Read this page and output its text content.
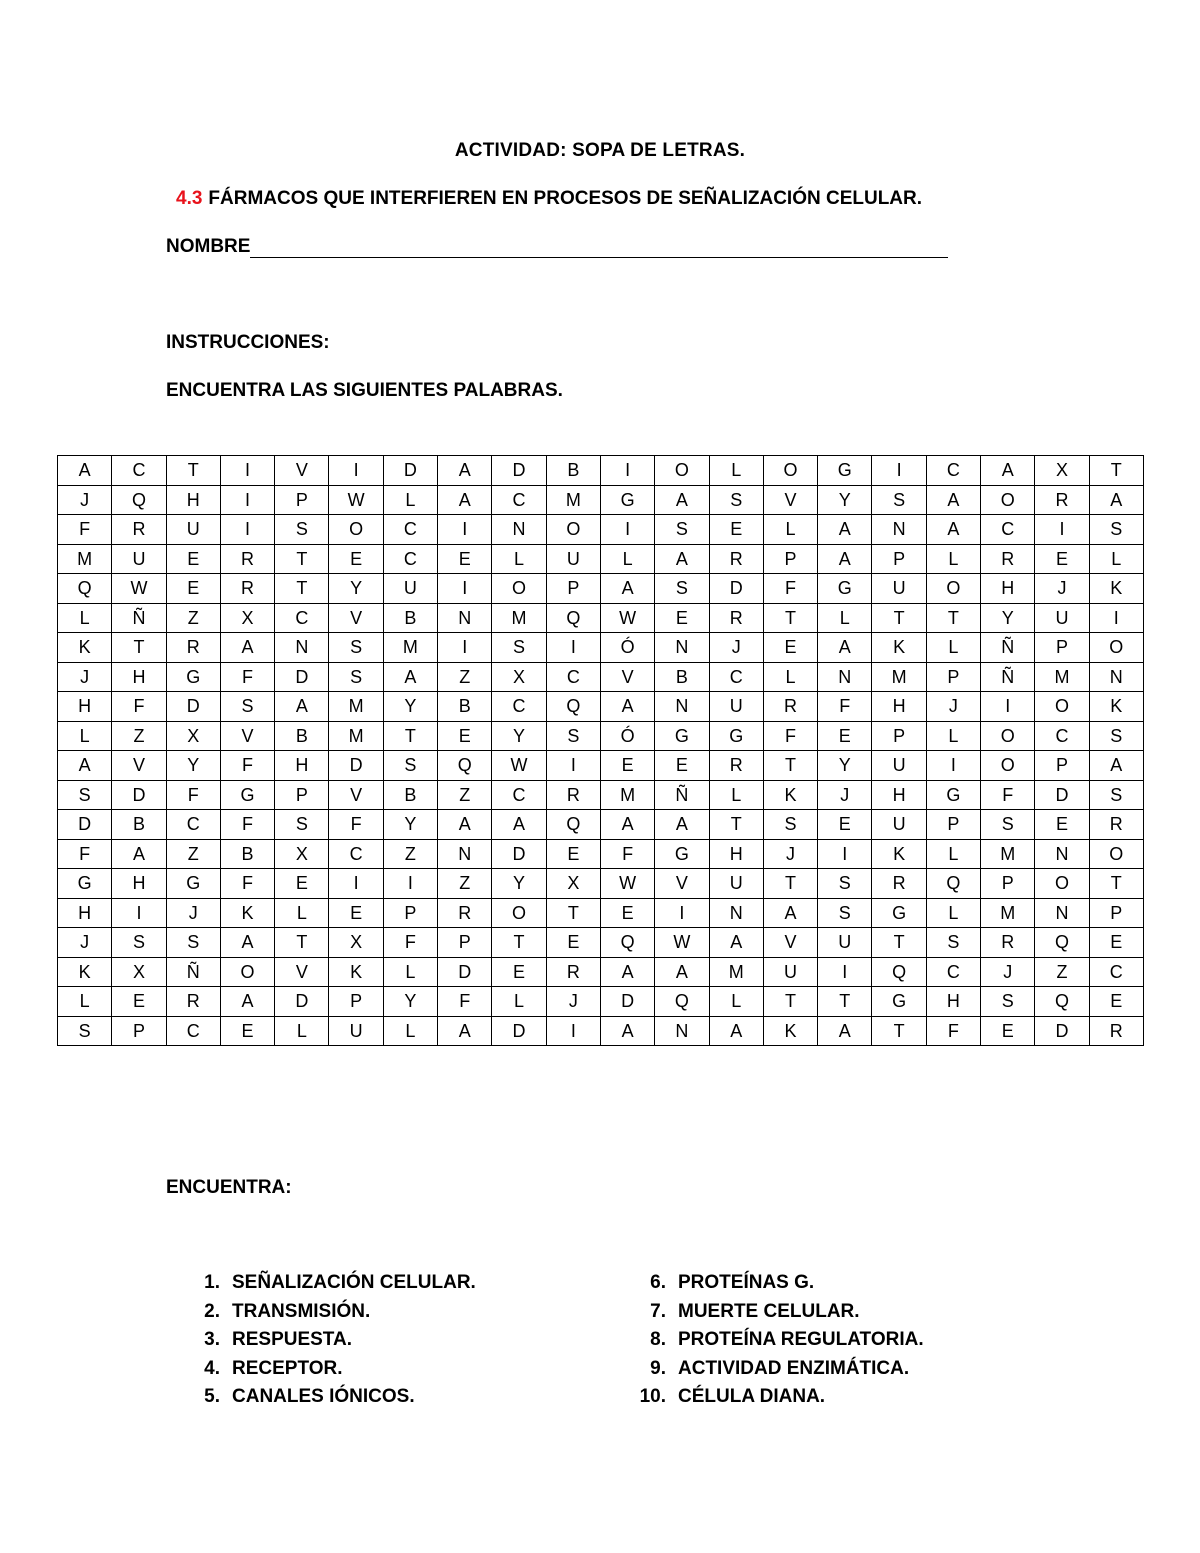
ACTIVIDAD: SOPA DE LETRAS.
4.3 FÁRMACOS QUE INTERFIEREN EN PROCESOS DE SEÑALIZACIÓN CELULAR.
NOMBRE
INSTRUCCIONES:
ENCUENTRA LAS SIGUIENTES PALABRAS.
A	C	T	I	V	I	D	A	D	B	I	O	L	O	G	I	C	A	X	T
J	Q	H	I	P	W	L	A	C	M	G	A	S	V	Y	S	A	O	R	A
F	R	U	I	S	O	C	I	N	O	I	S	E	L	A	N	A	C	I	S
M	U	E	R	T	E	C	E	L	U	L	A	R	P	A	P	L	R	E	L
Q	W	E	R	T	Y	U	I	O	P	A	S	D	F	G	U	O	H	J	K
L	Ñ	Z	X	C	V	B	N	M	Q	W	E	R	T	L	T	T	Y	U	I
K	T	R	A	N	S	M	I	S	I	Ó	N	J	E	A	K	L	Ñ	P	O
J	H	G	F	D	S	A	Z	X	C	V	B	C	L	N	M	P	Ñ	M	N
H	F	D	S	A	M	Y	B	C	Q	A	N	U	R	F	H	J	I	O	K
L	Z	X	V	B	M	T	E	Y	S	Ó	G	G	F	E	P	L	O	C	S
A	V	Y	F	H	D	S	Q	W	I	E	E	R	T	Y	U	I	O	P	A
S	D	F	G	P	V	B	Z	C	R	M	Ñ	L	K	J	H	G	F	D	S
D	B	C	F	S	F	Y	A	A	Q	A	A	T	S	E	U	P	S	E	R
F	A	Z	B	X	C	Z	N	D	E	F	G	H	J	I	K	L	M	N	O
G	H	G	F	E	I	I	Z	Y	X	W	V	U	T	S	R	Q	P	O	T
H	I	J	K	L	E	P	R	O	T	E	I	N	A	S	G	L	M	N	P
J	S	S	A	T	X	F	P	T	E	Q	W	A	V	U	T	S	R	Q	E
K	X	Ñ	O	V	K	L	D	E	R	A	A	M	U	I	Q	C	J	Z	C
L	E	R	A	D	P	Y	F	L	J	D	Q	L	T	T	G	H	S	Q	E
S	P	C	E	L	U	L	A	D	I	A	N	A	K	A	T	F	E	D	R
ENCUENTRA:
1. SEÑALIZACIÓN CELULAR.
2. TRANSMISIÓN.
3. RESPUESTA.
4. RECEPTOR.
5. CANALES IÓNICOS.
6. PROTEÍNAS G.
7. MUERTE CELULAR.
8. PROTEÍNA REGULATORIA.
9. ACTIVIDAD ENZIMÁTICA.
10. CÉLULA DIANA.
